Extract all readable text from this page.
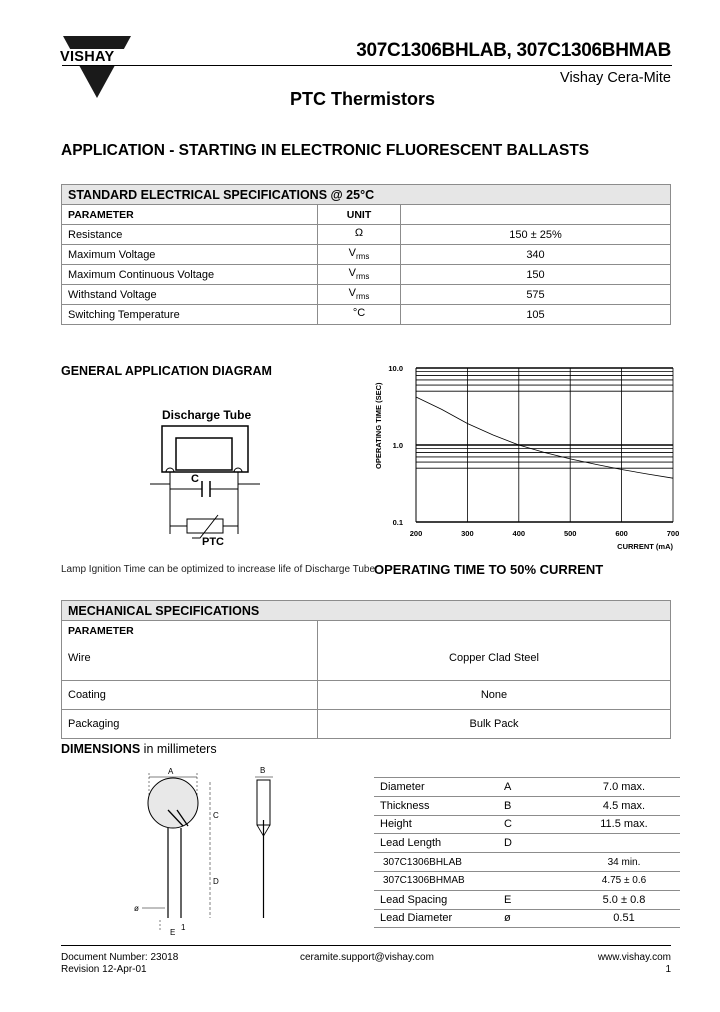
VISHAY	307C1306BHLAB, 307C1306BHMAB
Vishay Cera-Mite
PTC Thermistors
APPLICATION - STARTING IN ELECTRONIC FLUORESCENT BALLASTS
STANDARD ELECTRICAL SPECIFICATIONS @ 25°C		
PARAMETER	UNIT	
Resistance	Ω	150 ± 25%
Maximum Voltage	$V_{rms}$	340
Maximum Continuous Voltage	$V_{rms}$	150
Withstand Voltage	$V_{rms}$	575
Switching Temperature	°C	105
GENERAL APPLICATION DIAGRAM
Discharge Tube
C
PTC
Lamp Ignition Time can be optimized to increase life of Discharge Tube
200	300	400	500	600	700
10.0
1.0
0.1
OPERATING TIME (SEC)
CURRENT (mA)
OPERATING TIME TO 50% CURRENT
MECHANICAL SPECIFICATIONS	
PARAMETER	
Wire	Copper Clad Steel
Coating	None
Packaging	Bulk Pack
DIMENSIONS in millimeters
A
C
D
ø
E
1
B
Diameter	A	7.0 max.
Thickness	B	4.5 max.
Height	C	11.5 max.
Lead Length	D	
307C1306BHLAB		34 min.
307C1306BHMAB		4.75 ± 0.6
Lead Spacing	E	5.0 ± 0.8
Lead Diameter	ø	0.51
Document Number: 23018
Revision 12-Apr-01
ceramite.support@vishay.com	www.vishay.com
1
